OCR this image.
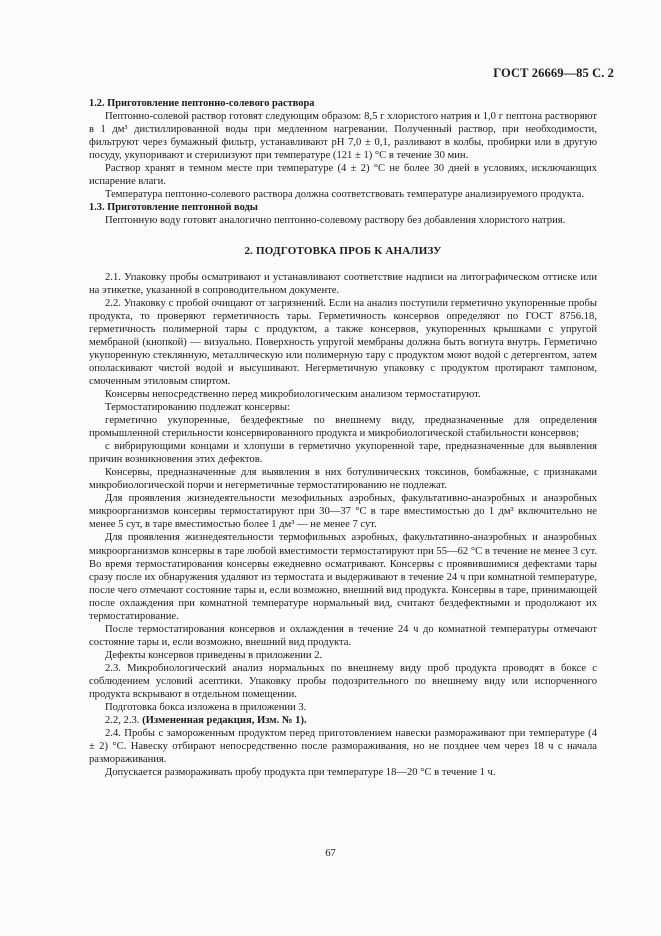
ГОСТ 26669—85 С. 2

1.2. Приготовление пептонно-солевого раствора

Пептонно-солевой раствор готовят следующим образом: 8,5 г хлористого натрия и 1,0 г пептона растворяют в 1 дм³ дистиллированной воды при медленном нагревании. Полученный раствор, при необходимости, фильтруют через бумажный фильтр, устанавливают pH 7,0 ± 0,1, разливают в колбы, пробирки или в другую посуду, укупоривают и стерилизуют при температуре (121 ± 1) °С в течение 30 мин.

Раствор хранят в темном месте при температуре (4 ± 2) °С не более 30 дней в условиях, исключающих испарение влаги.

Температура пептонно-солевого раствора должна соответствовать температуре анализируемого продукта.

1.3. Приготовление пептонной воды

Пептонную воду готовят аналогично пептонно-солевому раствору без добавления хлористого натрия.

2. ПОДГОТОВКА ПРОБ К АНАЛИЗУ

2.1. Упаковку пробы осматривают и устанавливают соответствие надписи на литографическом оттиске или на этикетке, указанной в сопроводительном документе.

2.2. Упаковку с пробой очищают от загрязнений. Если на анализ поступили герметично укупоренные пробы продукта, то проверяют герметичность тары. Герметичность консервов определяют по ГОСТ 8756.18, герметичность полимерной тары с продуктом, а также консервов, укупоренных крышками с упругой мембраной (кнопкой) — визуально. Поверхность упругой мембраны должна быть вогнута внутрь. Герметично укупоренную стеклянную, металлическую или полимерную тару с продуктом моют водой с детергентом, затем ополаскивают чистой водой и высушивают. Негерметичную упаковку с продуктом протирают тампоном, смоченным этиловым спиртом.

Консервы непосредственно перед микробиологическим анализом термостатируют.

Термостатированию подлежат консервы:

герметично укупоренные, бездефектные по внешнему виду, предназначенные для определения промышленной стерильности консервированного продукта и микробиологической стабильности консервов;

с вибрирующими концами и хлопуши в герметично укупоренной таре, предназначенные для выявления причин возникновения этих дефектов.

Консервы, предназначенные для выявления в них ботулинических токсинов, бомбажные, с признаками микробиологической порчи и негерметичные термостатированию не подлежат.

Для проявления жизнедеятельности мезофильных аэробных, факультативно-анаэробных и анаэробных микроорганизмов консервы термостатируют при 30—37 °С в таре вместимостью до 1 дм³ включительно не менее 5 сут, в таре вместимостью более 1 дм³ — не менее 7 сут.

Для проявления жизнедеятельности термофильных аэробных, факультативно-анаэробных и анаэробных микроорганизмов консервы в таре любой вместимости термостатируют при 55—62 °С в течение не менее 3 сут. Во время термостатирования консервы ежедневно осматривают. Консервы с проявившимися дефектами тары сразу после их обнаружения удаляют из термостата и выдерживают в течение 24 ч при комнатной температуре, после чего отмечают состояние тары и, если возможно, внешний вид продукта. Консервы в таре, принимающей после охлаждения при комнатной температуре нормальный вид, считают бездефектными и продолжают их термостатирование.

После термостатирования консервов и охлаждения в течение 24 ч до комнатной температуры отмечают состояние тары и, если возможно, внешний вид продукта.

Дефекты консервов приведены в приложении 2.

2.3. Микробиологический анализ нормальных по внешнему виду проб продукта проводят в боксе с соблюдением условий асептики. Упаковку пробы подозрительного по внешнему виду или испорченного продукта вскрывают в отдельном помещении.

Подготовка бокса изложена в приложении 3.

2.2, 2.3. (Измененная редакция, Изм. № 1).

2.4. Пробы с замороженным продуктом перед приготовлением навески размораживают при температуре (4 ± 2) °С. Навеску отбирают непосредственно после размораживания, но не позднее чем через 18 ч с начала размораживания.

Допускается размораживать пробу продукта при температуре 18—20 °С в течение 1 ч.

67
